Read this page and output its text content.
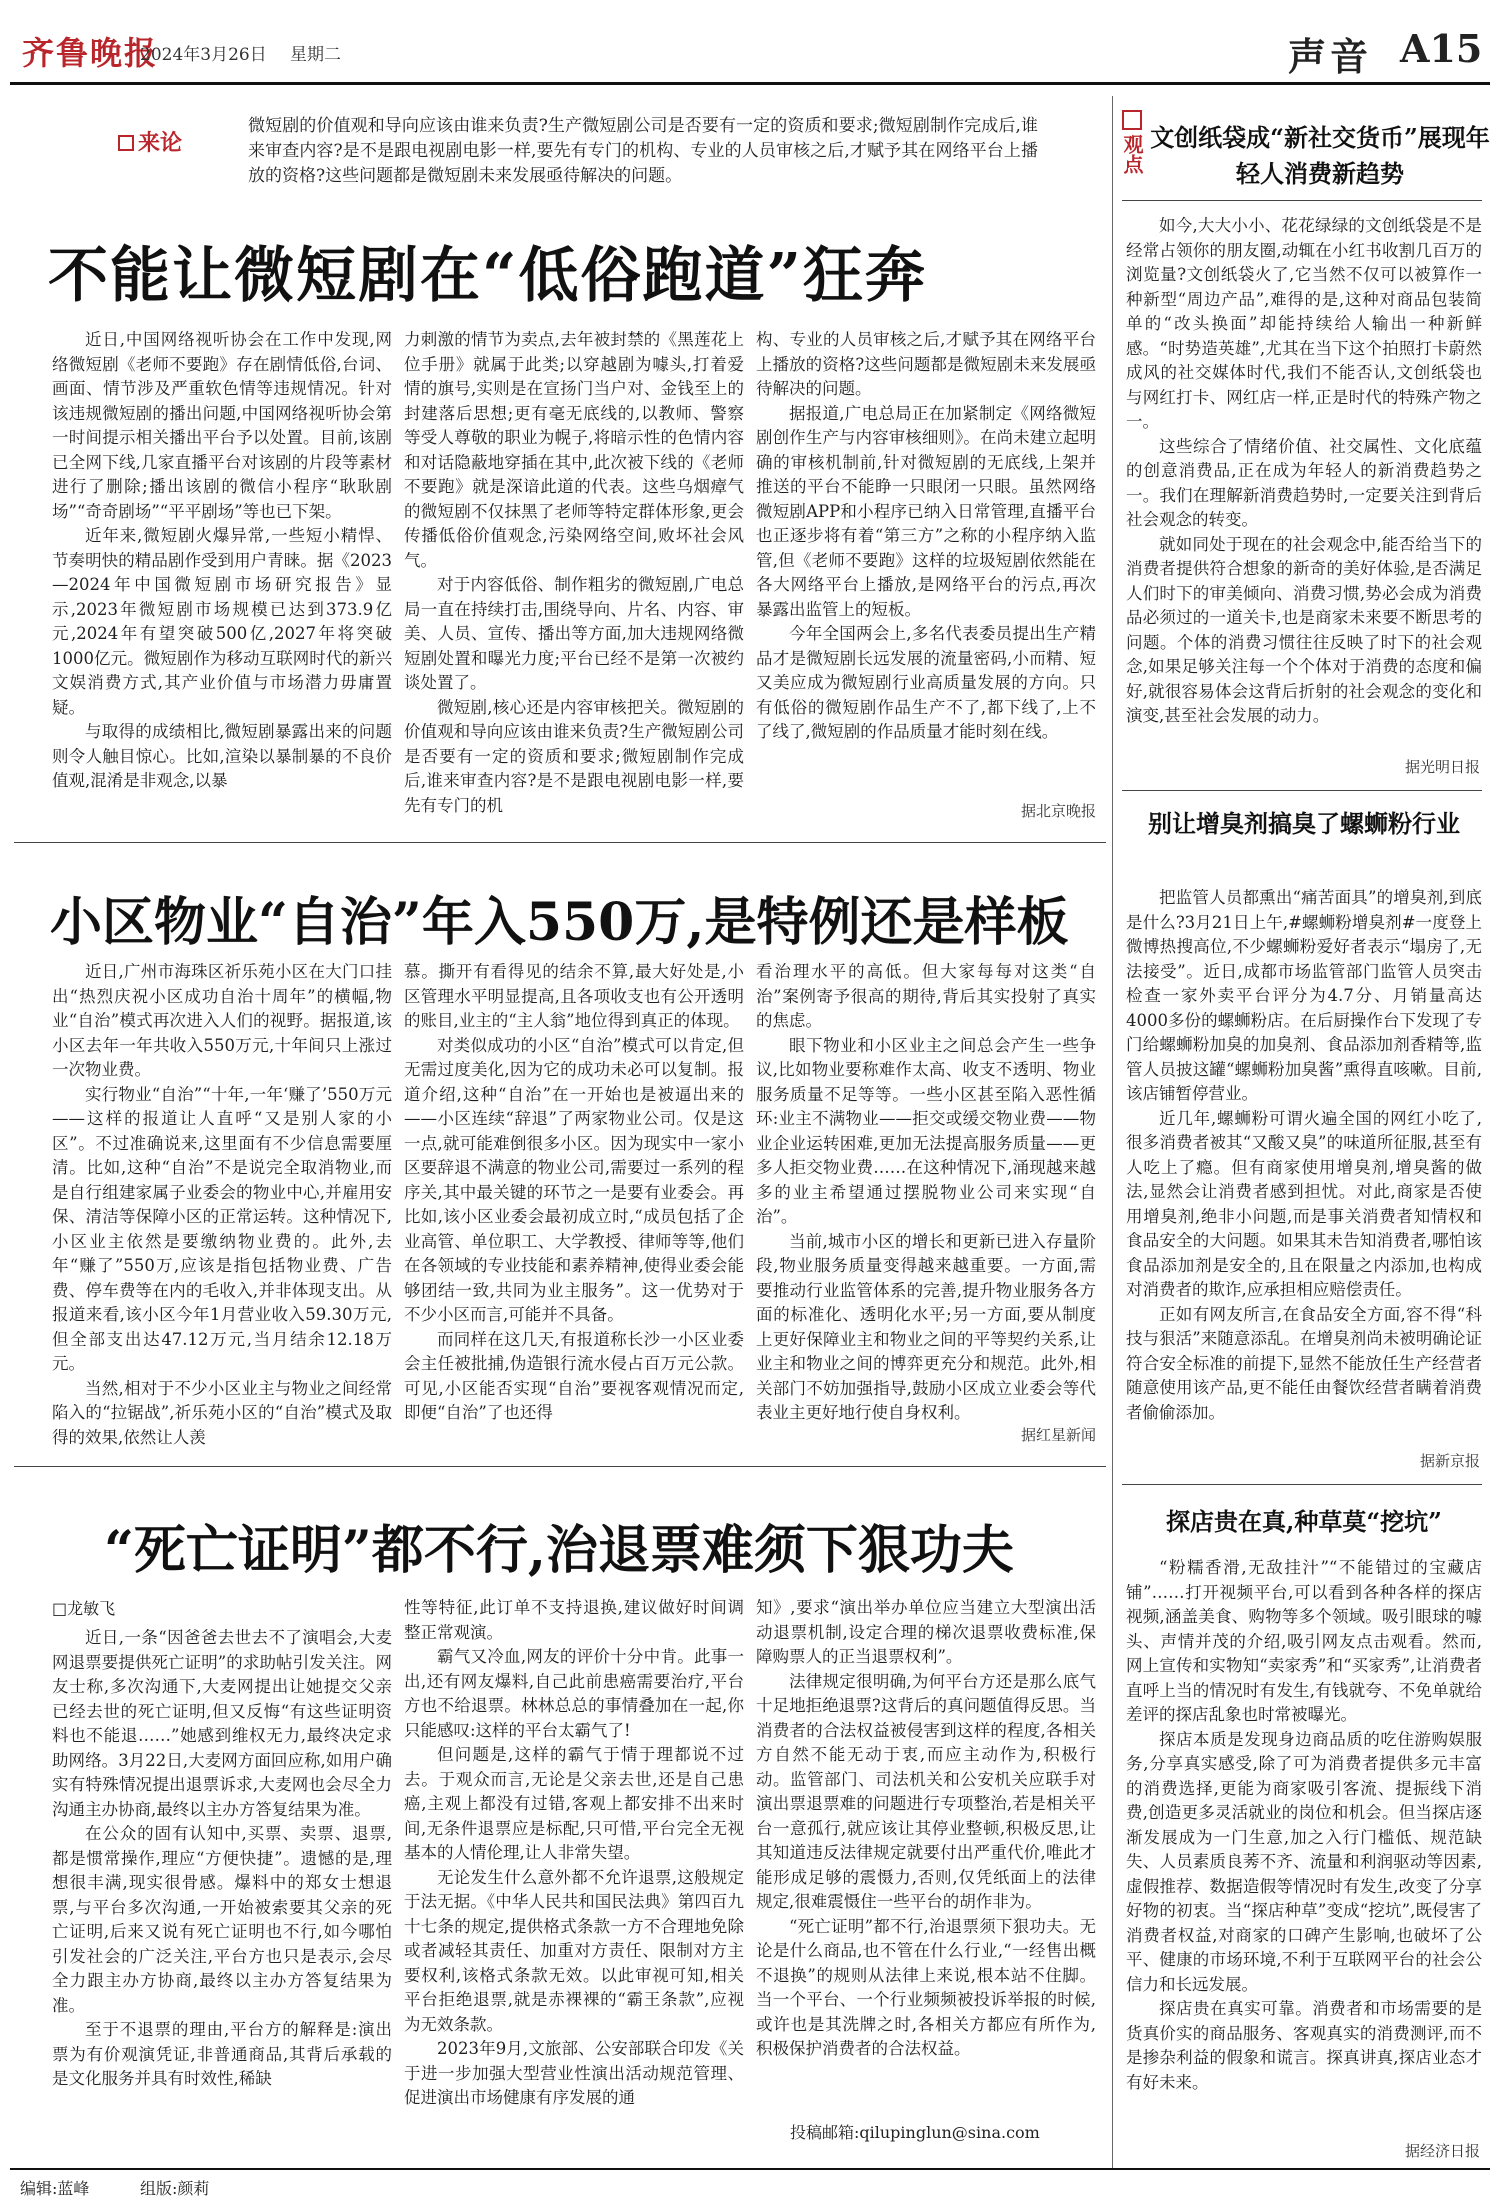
齐鲁晚报
2024年3月26日 星期二	声音 A15
来论
微短剧的价值观和导向应该由谁来负责?生产微短剧公司是否要有一定的资质和要求;微短剧制作完成后,谁来审查内容?是不是跟电视剧电影一样,要先有专门的机构、专业的人员审核之后,才赋予其在网络平台上播放的资格?这些问题都是微短剧未来发展亟待解决的问题。
不能让微短剧在“低俗跑道”狂奔

近日,中国网络视听协会在工作中发现,网络微短剧《老师不要跑》存在剧情低俗,台词、画面、情节涉及严重软色情等违规情况。针对该违规微短剧的播出问题,中国网络视听协会第一时间提示相关播出平台予以处置。目前,该剧已全网下线,几家直播平台对该剧的片段等素材进行了删除;播出该剧的微信小程序“耿耿剧场”“奇奇剧场”“平平剧场”等也已下架。

近年来,微短剧火爆异常,一些短小精悍、节奏明快的精品剧作受到用户青睐。据《2023—2024年中国微短剧市场研究报告》显示,2023年微短剧市场规模已达到373.9亿元,2024年有望突破500亿,2027年将突破1000亿元。微短剧作为移动互联网时代的新兴文娱消费方式,其产业价值与市场潜力毋庸置疑。

与取得的成绩相比,微短剧暴露出来的问题则令人触目惊心。比如,渲染以暴制暴的不良价值观,混淆是非观念,以暴

力刺激的情节为卖点,去年被封禁的《黑莲花上位手册》就属于此类;以穿越剧为噱头,打着爱情的旗号,实则是在宣扬门当户对、金钱至上的封建落后思想;更有毫无底线的,以教师、警察等受人尊敬的职业为幌子,将暗示性的色情内容和对话隐蔽地穿插在其中,此次被下线的《老师不要跑》就是深谙此道的代表。这些乌烟瘴气的微短剧不仅抹黑了老师等特定群体形象,更会传播低俗价值观念,污染网络空间,败坏社会风气。

对于内容低俗、制作粗劣的微短剧,广电总局一直在持续打击,围绕导向、片名、内容、审美、人员、宣传、播出等方面,加大违规网络微短剧处置和曝光力度;平台已经不是第一次被约谈处置了。

微短剧,核心还是内容审核把关。微短剧的价值观和导向应该由谁来负责?生产微短剧公司是否要有一定的资质和要求;微短剧制作完成后,谁来审查内容?是不是跟电视剧电影一样,要先有专门的机

构、专业的人员审核之后,才赋予其在网络平台上播放的资格?这些问题都是微短剧未来发展亟待解决的问题。

据报道,广电总局正在加紧制定《网络微短剧创作生产与内容审核细则》。在尚未建立起明确的审核机制前,针对微短剧的无底线,上架并推送的平台不能睁一只眼闭一只眼。虽然网络微短剧APP和小程序已纳入日常管理,直播平台也正逐步将有着“第三方”之称的小程序纳入监管,但《老师不要跑》这样的垃圾短剧依然能在各大网络平台上播放,是网络平台的污点,再次暴露出监管上的短板。

今年全国两会上,多名代表委员提出生产精品才是微短剧长远发展的流量密码,小而精、短又美应成为微短剧行业高质量发展的方向。只有低俗的微短剧作品生产不了,都下线了,上不了线了,微短剧的作品质量才能时刻在线。

据北京晚报
小区物业“自治”年入550万,是特例还是样板

近日,广州市海珠区祈乐苑小区在大门口挂出“热烈庆祝小区成功自治十周年”的横幅,物业“自治”模式再次进入人们的视野。据报道,该小区去年一年共收入550万元,十年间只上涨过一次物业费。

实行物业“自治”“十年,一年‘赚了’550万元——这样的报道让人直呼“又是别人家的小区”。不过准确说来,这里面有不少信息需要厘清。比如,这种“自治”不是说完全取消物业,而是自行组建家属子业委会的物业中心,并雇用安保、清洁等保障小区的正常运转。这种情况下,小区业主依然是要缴纳物业费的。此外,去年“赚了”550万,应该是指包括物业费、广告费、停车费等在内的毛收入,并非体现支出。从报道来看,该小区今年1月营业收入59.30万元,但全部支出达47.12万元,当月结余12.18万元。

当然,相对于不少小区业主与物业之间经常陷入的“拉锯战”,祈乐苑小区的“自治”模式及取得的效果,依然让人羡

慕。撕开有看得见的结余不算,最大好处是,小区管理水平明显提高,且各项收支也有公开透明的账目,业主的“主人翁”地位得到真正的体现。

对类似成功的小区“自治”模式可以肯定,但无需过度美化,因为它的成功未必可以复制。报道介绍,这种“自治”在一开始也是被逼出来的——小区连续“辞退”了两家物业公司。仅是这一点,就可能难倒很多小区。因为现实中一家小区要辞退不满意的物业公司,需要过一系列的程序关,其中最关键的环节之一是要有业委会。再比如,该小区业委会最初成立时,“成员包括了企业高管、单位职工、大学教授、律师等等,他们在各领域的专业技能和素养精神,使得业委会能够团结一致,共同为业主服务”。这一优势对于不少小区而言,可能并不具备。

而同样在这几天,有报道称长沙一小区业委会主任被批捕,伪造银行流水侵占百万元公款。可见,小区能否实现“自治”要视客观情况而定,即便“自治”了也还得

看治理水平的高低。但大家每每对这类“自治”案例寄予很高的期待,背后其实投射了真实的焦虑。

眼下物业和小区业主之间总会产生一些争议,比如物业要称难作太高、收支不透明、物业服务质量不足等等。一些小区甚至陷入恶性循环:业主不满物业——拒交或缓交物业费——物业企业运转困难,更加无法提高服务质量——更多人拒交物业费……在这种情况下,涌现越来越多的业主希望通过摆脱物业公司来实现“自治”。

当前,城市小区的增长和更新已进入存量阶段,物业服务质量变得越来越重要。一方面,需要推动行业监管体系的完善,提升物业服务各方面的标准化、透明化水平;另一方面,要从制度上更好保障业主和物业之间的平等契约关系,让业主和物业之间的博弈更充分和规范。此外,相关部门不妨加强指导,鼓励小区成立业委会等代表业主更好地行使自身权利。

据红星新闻
“死亡证明”都不行,治退票难须下狠功夫
□龙敏飞

近日,一条“因爸爸去世去不了演唱会,大麦网退票要提供死亡证明”的求助帖引发关注。网友士称,多次沟通下,大麦网提出让她提交父亲已经去世的死亡证明,但又反悔“有这些证明资料也不能退……”她感到维权无力,最终决定求助网络。3月22日,大麦网方面回应称,如用户确实有特殊情况提出退票诉求,大麦网也会尽全力沟通主办协商,最终以主办方答复结果为准。

在公众的固有认知中,买票、卖票、退票,都是惯常操作,理应“方便快捷”。遗憾的是,理想很丰满,现实很骨感。爆料中的郑女士想退票,与平台多次沟通,一开始被索要其父亲的死亡证明,后来又说有死亡证明也不行,如今哪怕引发社会的广泛关注,平台方也只是表示,会尽全力跟主办方协商,最终以主办方答复结果为准。

至于不退票的理由,平台方的解释是:演出票为有价观演凭证,非普通商品,其背后承载的是文化服务并具有时效性,稀缺

性等特征,此订单不支持退换,建议做好时间调整正常观演。

霸气又冷血,网友的评价十分中肯。此事一出,还有网友爆料,自己此前患癌需要治疗,平台方也不给退票。林林总总的事情叠加在一起,你只能感叹:这样的平台太霸气了!

但问题是,这样的霸气于情于理都说不过去。于观众而言,无论是父亲去世,还是自己患癌,主观上都没有过错,客观上都安排不出来时间,无条件退票应是标配,只可惜,平台完全无视基本的人情伦理,让人非常失望。

无论发生什么意外都不允许退票,这般规定于法无据。《中华人民共和国民法典》第四百九十七条的规定,提供格式条款一方不合理地免除或者减轻其责任、加重对方责任、限制对方主要权利,该格式条款无效。以此审视可知,相关平台拒绝退票,就是赤裸裸的“霸王条款”,应视为无效条款。

2023年9月,文旅部、公安部联合印发《关于进一步加强大型营业性演出活动规范管理、促进演出市场健康有序发展的通

知》,要求“演出举办单位应当建立大型演出活动退票机制,设定合理的梯次退票收费标准,保障购票人的正当退票权利”。

法律规定很明确,为何平台方还是那么底气十足地拒绝退票?这背后的真问题值得反思。当消费者的合法权益被侵害到这样的程度,各相关方自然不能无动于衷,而应主动作为,积极行动。监管部门、司法机关和公安机关应联手对演出票退票难的问题进行专项整治,若是相关平台一意孤行,就应该让其停业整顿,积极反思,让其知道违反法律规定就要付出严重代价,唯此才能形成足够的震慑力,否则,仅凭纸面上的法律规定,很难震慑住一些平台的胡作非为。

“死亡证明”都不行,治退票须下狠功夫。无论是什么商品,也不管在什么行业,“一经售出概不退换”的规则从法律上来说,根本站不住脚。当一个平台、一个行业频频被投诉举报的时候,或许也是其洗牌之时,各相关方都应有所作为,积极保护消费者的合法权益。

投稿邮箱:qilupinglun@sina.com
观点 文创纸袋成“新社交货币”展现年轻人消费新趋势

如今,大大小小、花花绿绿的文创纸袋是不是经常占领你的朋友圈,动辄在小红书收割几百万的浏览量?文创纸袋火了,它当然不仅可以被算作一种新型“周边产品”,难得的是,这种对商品包装简单的“改头换面”却能持续给人输出一种新鲜感。“时势造英雄”,尤其在当下这个拍照打卡蔚然成风的社交媒体时代,我们不能否认,文创纸袋也与网红打卡、网红店一样,正是时代的特殊产物之一。

这些综合了情绪价值、社交属性、文化底蕴的创意消费品,正在成为年轻人的新消费趋势之一。我们在理解新消费趋势时,一定要关注到背后社会观念的转变。

就如同处于现在的社会观念中,能否给当下的消费者提供符合想象的新奇的美好体验,是否满足人们时下的审美倾向、消费习惯,势必会成为消费品必须过的一道关卡,也是商家未来要不断思考的问题。个体的消费习惯往往反映了时下的社会观念,如果足够关注每一个个体对于消费的态度和偏好,就很容易体会这背后折射的社会观念的变化和演变,甚至社会发展的动力。

据光明日报
别让增臭剂搞臭了螺蛳粉行业

把监管人员都熏出“痛苦面具”的增臭剂,到底是什么?3月21日上午,#螺蛳粉增臭剂#一度登上微博热搜高位,不少螺蛳粉爱好者表示“塌房了,无法接受”。近日,成都市场监管部门监管人员突击检查一家外卖平台评分为4.7分、月销量高达4000多份的螺蛳粉店。在后厨操作台下发现了专门给螺蛳粉加臭的加臭剂、食品添加剂香精等,监管人员披这罐“螺蛳粉加臭酱”熏得直咳嗽。目前,该店铺暂停营业。

近几年,螺蛳粉可谓火遍全国的网红小吃了,很多消费者被其“又酸又臭”的味道所征服,甚至有人吃上了瘾。但有商家使用增臭剂,增臭酱的做法,显然会让消费者感到担忧。对此,商家是否使用增臭剂,绝非小问题,而是事关消费者知情权和食品安全的大问题。如果其未告知消费者,哪怕该食品添加剂是安全的,且在限量之内添加,也构成对消费者的欺诈,应承担相应赔偿责任。

正如有网友所言,在食品安全方面,容不得“科技与狠活”来随意添乱。在增臭剂尚未被明确论证符合安全标准的前提下,显然不能放任生产经营者随意使用该产品,更不能任由餐饮经营者瞒着消费者偷偷添加。

据新京报
探店贵在真,种草莫“挖坑”

“粉糯香滑,无敌挂汁”“不能错过的宝藏店铺”……打开视频平台,可以看到各种各样的探店视频,涵盖美食、购物等多个领域。吸引眼球的噱头、声情并茂的介绍,吸引网友点击观看。然而,网上宣传和实物知“卖家秀”和“买家秀”,让消费者直呼上当的情况时有发生,有钱就夸、不免单就给差评的探店乱象也时常被曝光。

探店本质是发现身边商品质的吃住游购娱服务,分享真实感受,除了可为消费者提供多元丰富的消费选择,更能为商家吸引客流、提振线下消费,创造更多灵活就业的岗位和机会。但当探店逐渐发展成为一门生意,加之入行门槛低、规范缺失、人员素质良莠不齐、流量和利润驱动等因素,虚假推荐、数据造假等情况时有发生,改变了分享好物的初衷。当“探店种草”变成“挖坑”,既侵害了消费者权益,对商家的口碑产生影响,也破坏了公平、健康的市场环境,不利于互联网平台的社会公信力和长远发展。

探店贵在真实可靠。消费者和市场需要的是货真价实的商品服务、客观真实的消费测评,而不是掺杂利益的假象和谎言。探真讲真,探店业态才有好未来。

据经济日报
编辑:蓝峰	组版:颜莉
